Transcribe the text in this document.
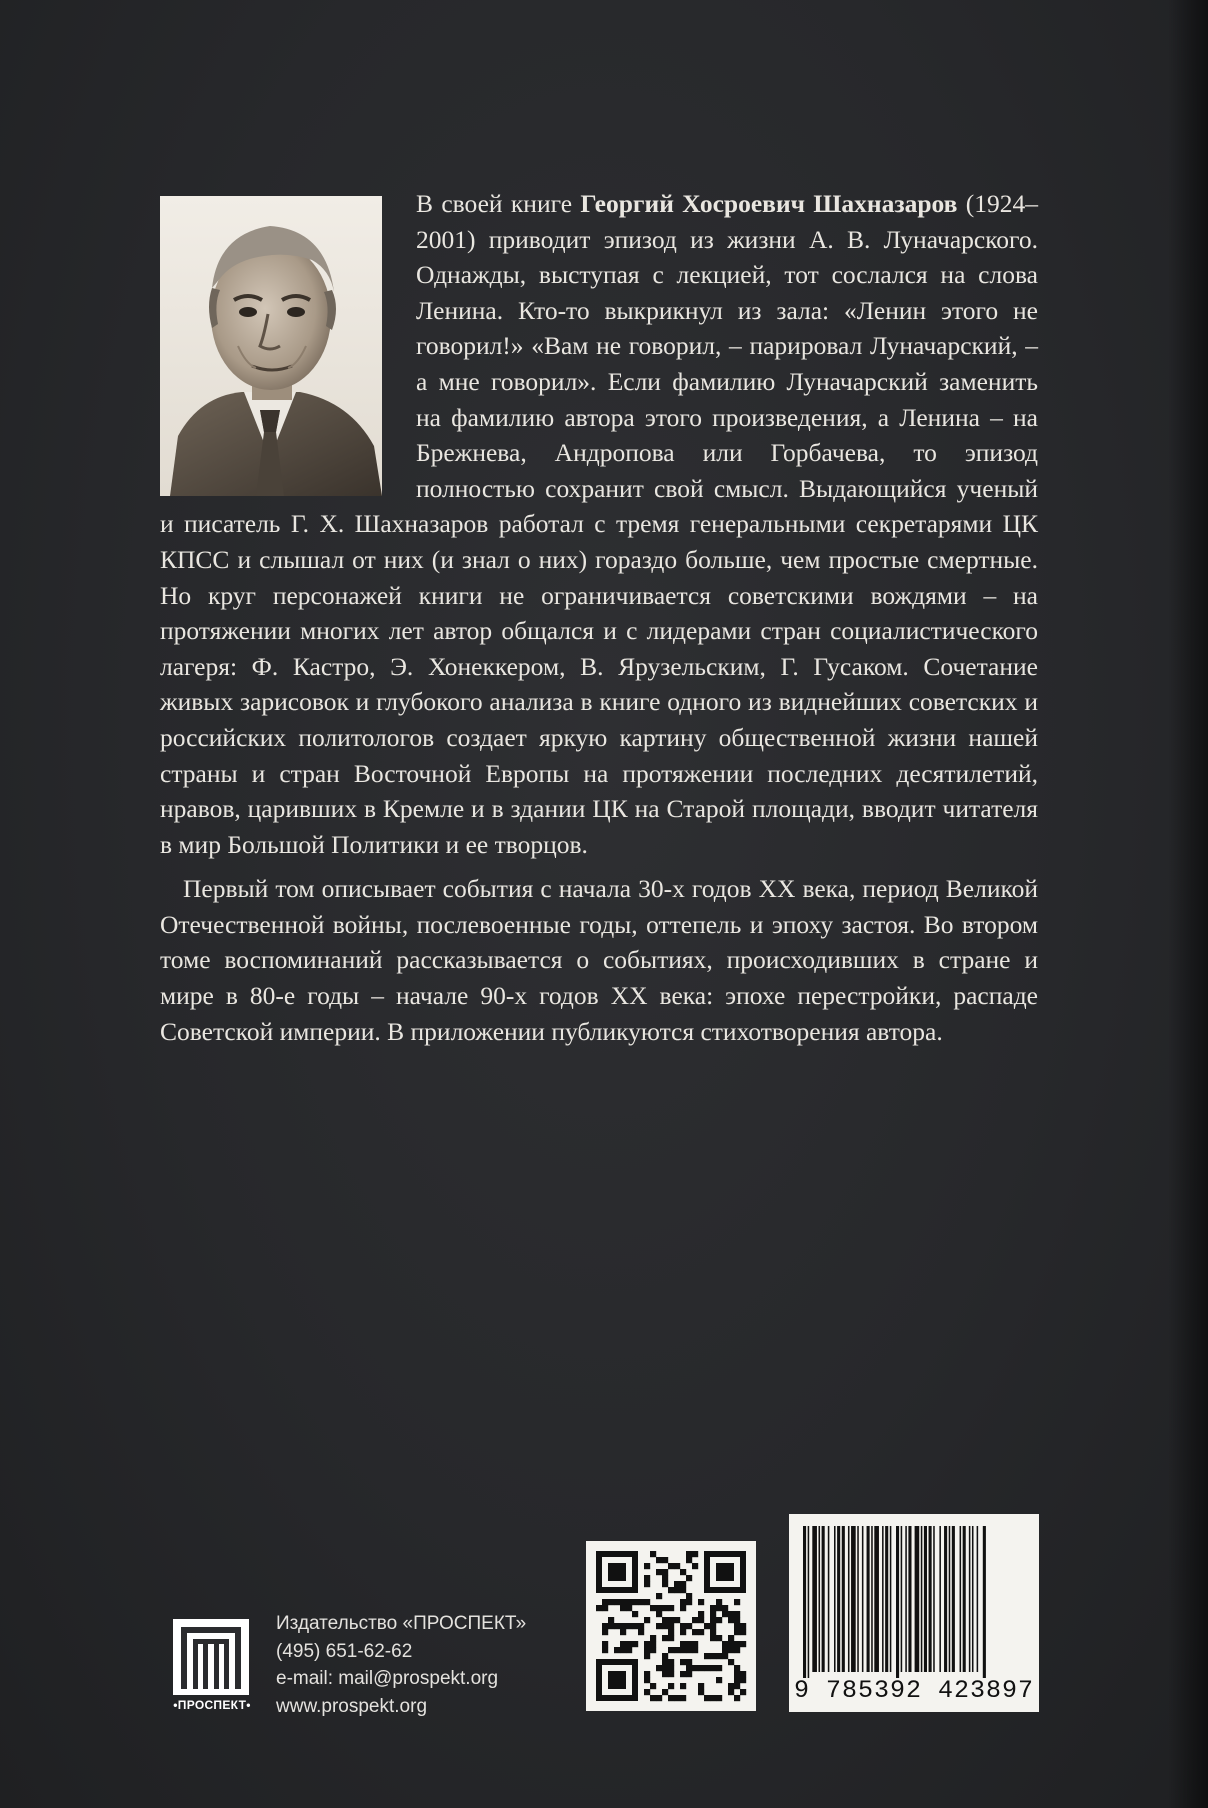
В своей книге Георгий Хосроевич Шахназаров (1924–2001) приводит эпизод из жизни А. В. Луначарского. Однажды, выступая с лекцией, тот сослался на слова Ленина. Кто-то выкрикнул из зала: «Ленин этого не говорил!» «Вам не говорил, – парировал Луначарский, – а мне говорил». Если фамилию Луначарский заменить на фамилию автора этого произведения, а Ленина – на Брежнева, Андропова или Горбачева, то эпизод полностью сохранит свой смысл. Выдающийся ученый и писатель Г. Х. Шахназаров работал с тремя генеральными секретарями ЦК КПСС и слышал от них (и знал о них) гораздо больше, чем простые смертные. Но круг персонажей книги не ограничивается советскими вождями – на протяжении многих лет автор общался и с лидерами стран социалистического лагеря: Ф. Кастро, Э. Хонеккером, В. Ярузельским, Г. Гусаком. Сочетание живых зарисовок и глубокого анализа в книге одного из виднейших советских и российских политологов создает яркую картину общественной жизни нашей страны и стран Восточной Европы на протяжении последних десятилетий, нравов, царивших в Кремле и в здании ЦК на Старой площади, вводит читателя в мир Большой Политики и ее творцов.

Первый том описывает события с начала 30-х годов XX века, период Великой Отечественной войны, послевоенные годы, оттепель и эпоху застоя. Во втором томе воспоминаний рассказывается о событиях, происходивших в стране и мире в 80-е годы – начале 90-х годов XX века: эпохе перестройки, распаде Советской империи. В приложении публикуются стихотворения автора.

•ПРОСПЕКТ•
Издательство «ПРОСПЕКТ»
(495) 651-62-62
e-mail: mail@prospekt.org
www.prospekt.org
9 785392 423897
